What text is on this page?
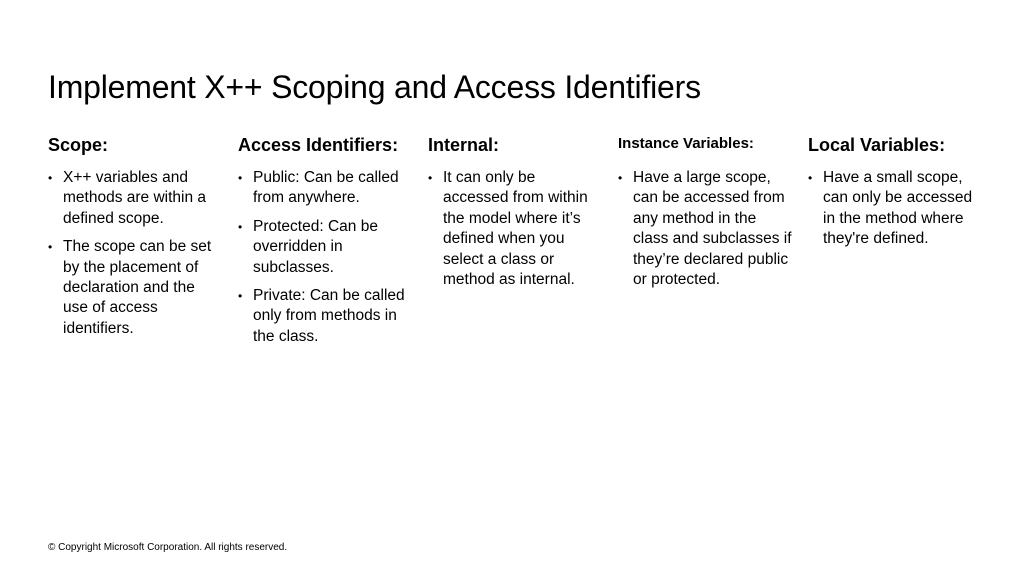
Implement X++ Scoping and Access Identifiers
Scope:
• X++ variables and methods are within a defined scope.
• The scope can be set by the placement of declaration and the use of access identifiers.
Access Identifiers:
• Public: Can be called from anywhere.
• Protected: Can be overridden in subclasses.
• Private: Can be called only from methods in the class.
Internal:
• It can only be accessed from within the model where it’s defined when you select a class or method as internal.
Instance Variables:
• Have a large scope, can be accessed from any method in the class and subclasses if they’re declared public or protected.
Local Variables:
• Have a small scope, can only be accessed in the method where they're defined.
© Copyright Microsoft Corporation. All rights reserved.
